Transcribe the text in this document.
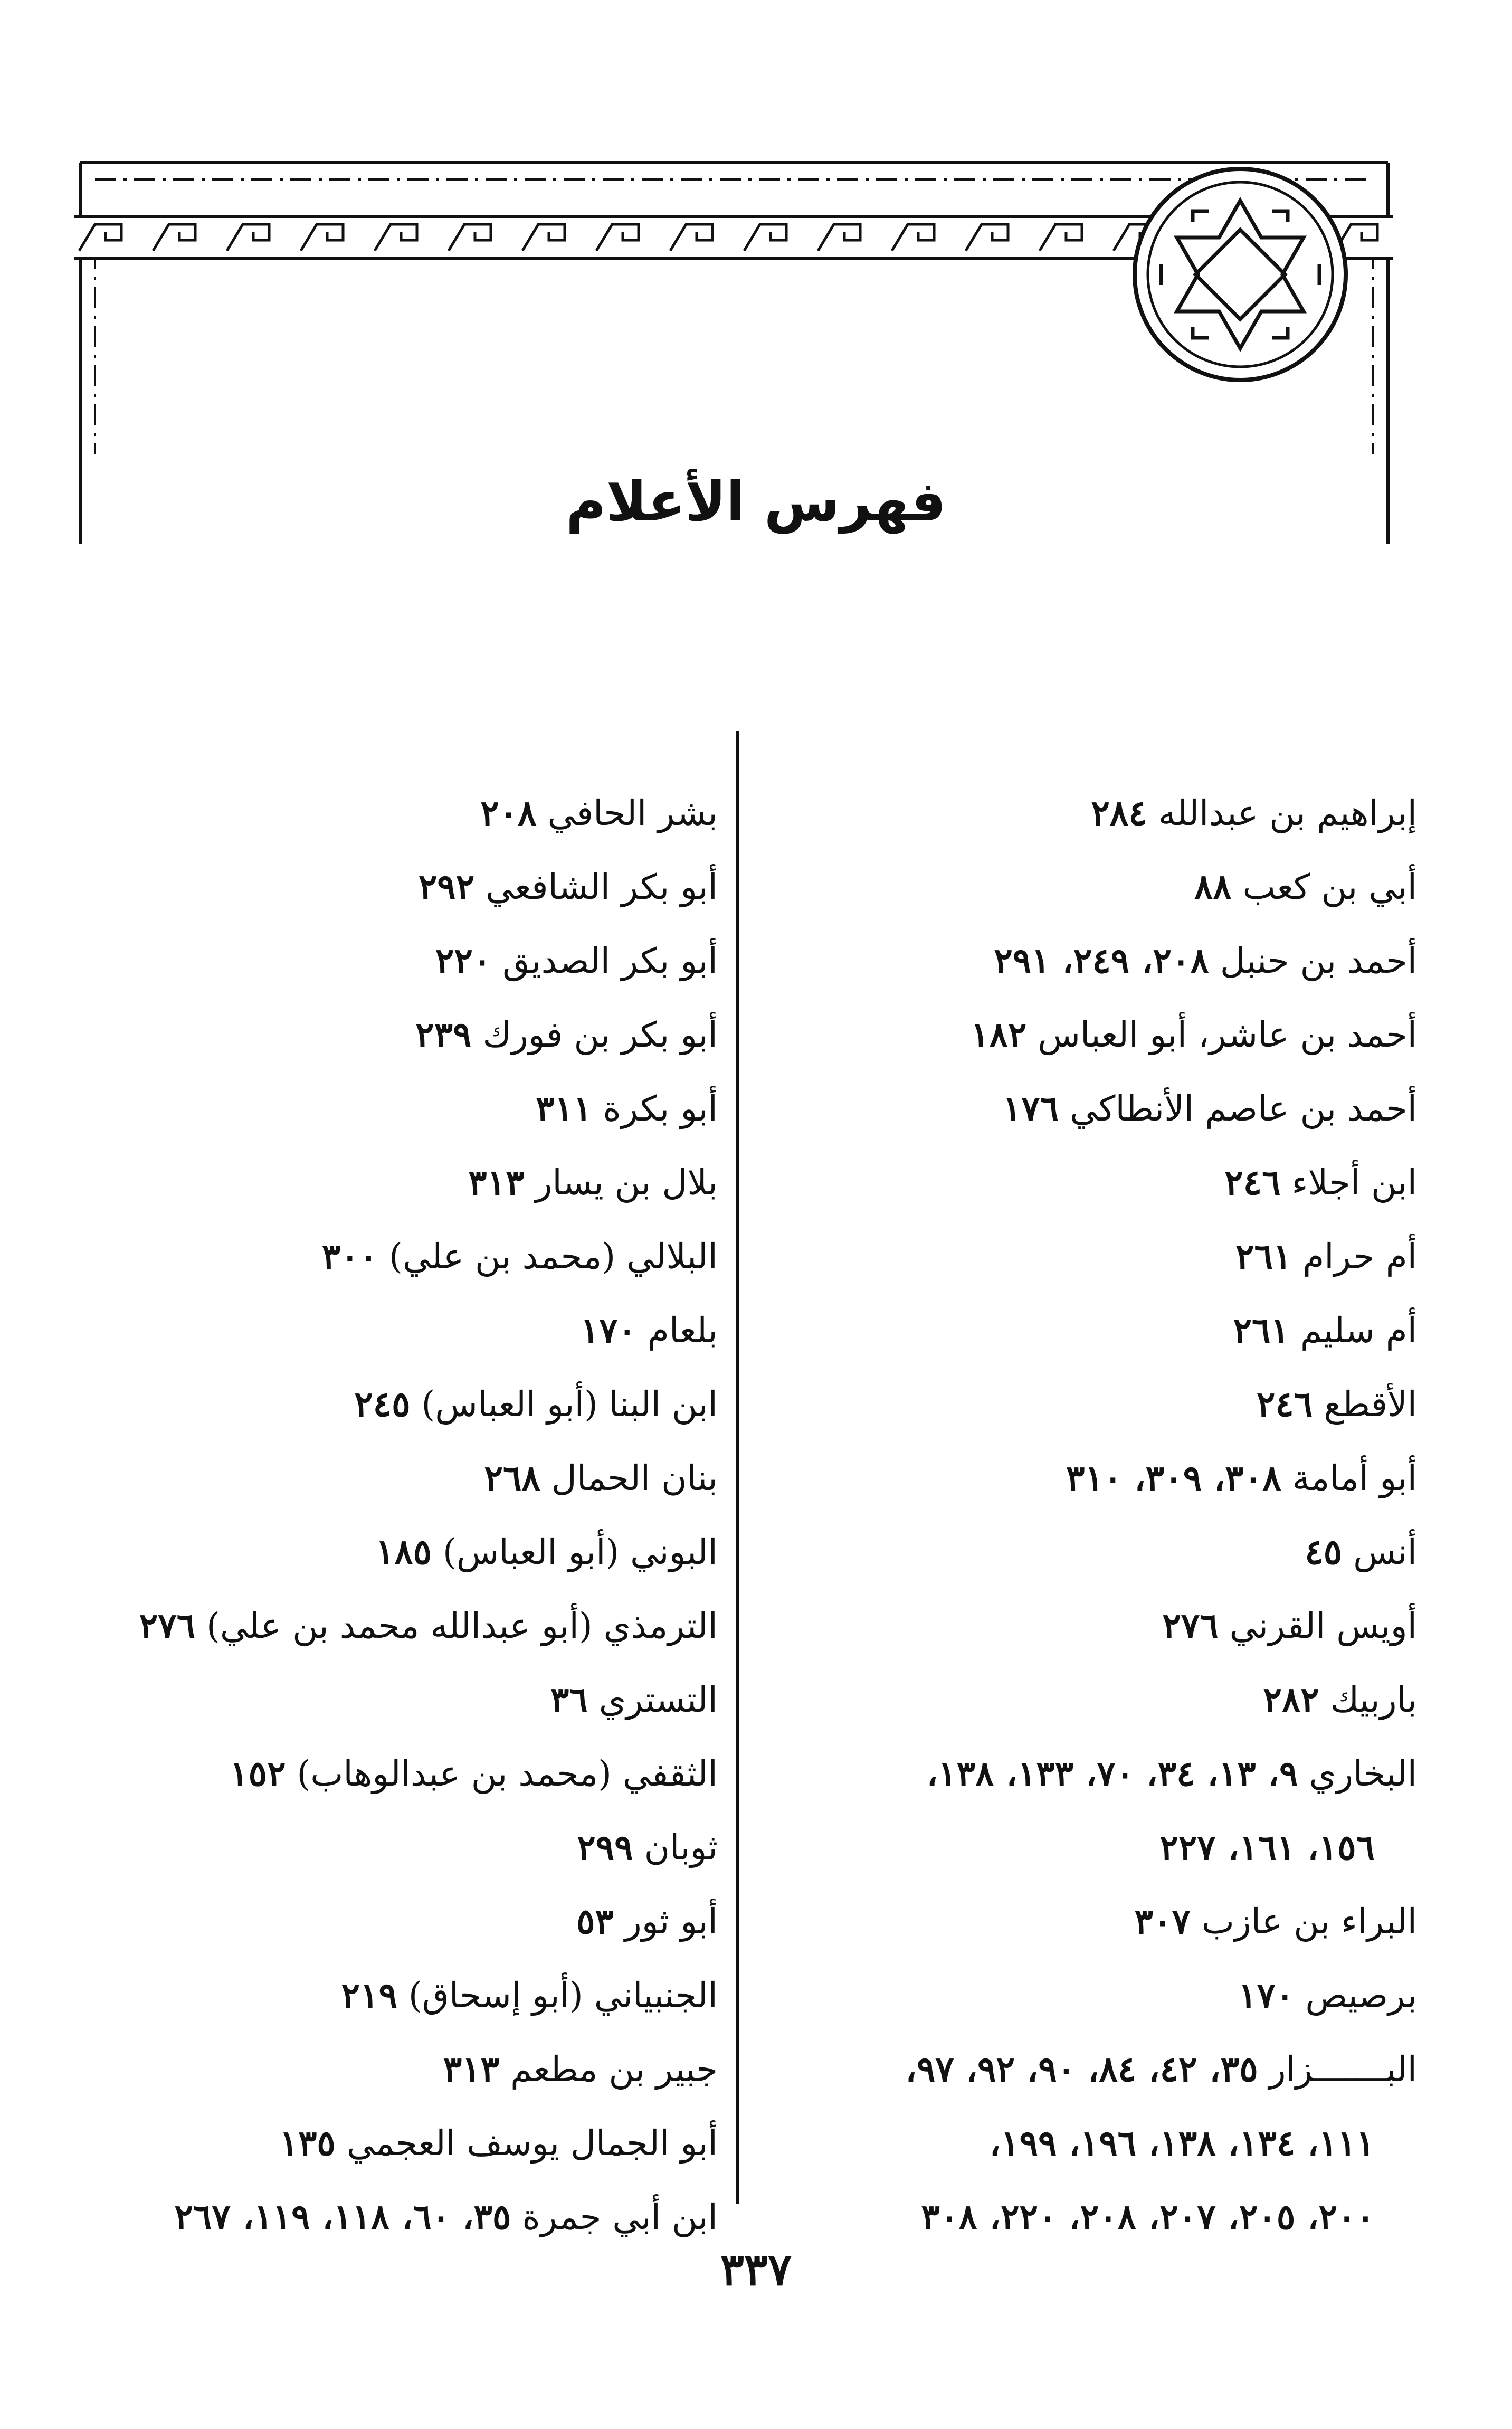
فهرس الأعلام
إبراهيم بن عبدالله ٢٨٤
أبي بن كعب ٨٨
أحمد بن حنبل ٢٠٨، ٢٤٩، ٢٩١
أحمد بن عاشر، أبو العباس ١٨٢
أحمد بن عاصم الأنطاكي ١٧٦
ابن أجلاء ٢٤٦
أم حرام ٢٦١
أم سليم ٢٦١
الأقطع ٢٤٦
أبو أمامة ٣٠٨، ٣٠٩، ٣١٠
أنس ٤٥
أويس القرني ٢٧٦
باربيك ٢٨٢
البخاري ٩، ١٣، ٣٤، ٧٠، ١٣٣، ١٣٨،
١٥٦، ١٦١، ٢٢٧
البراء بن عازب ٣٠٧
برصيص ١٧٠
البـــــــزار ٣٥، ٤٢، ٨٤، ٩٠، ٩٢، ٩٧،
١١١، ١٣٤، ١٣٨، ١٩٦، ١٩٩،
٢٠٠، ٢٠٥، ٢٠٧، ٢٠٨، ٢٢٠، ٣٠٨
بشر الحافي ٢٠٨
أبو بكر الشافعي ٢٩٢
أبو بكر الصديق ٢٢٠
أبو بكر بن فورك ٢٣٩
أبو بكرة ٣١١
بلال بن يسار ٣١٣
البلالي (محمد بن علي) ٣٠٠
بلعام ١٧٠
ابن البنا (أبو العباس) ٢٤٥
بنان الحمال ٢٦٨
البوني (أبو العباس) ١٨٥
الترمذي (أبو عبدالله محمد بن علي) ٢٧٦
التستري ٣٦
الثقفي (محمد بن عبدالوهاب) ١٥٢
ثوبان ٢٩٩
أبو ثور ٥٣
الجنبياني (أبو إسحاق) ٢١٩
جبير بن مطعم ٣١٣
أبو الجمال يوسف العجمي ١٣٥
ابن أبي جمرة ٣٥، ٦٠، ١١٨، ١١٩، ٢٦٧
٣٣٧
